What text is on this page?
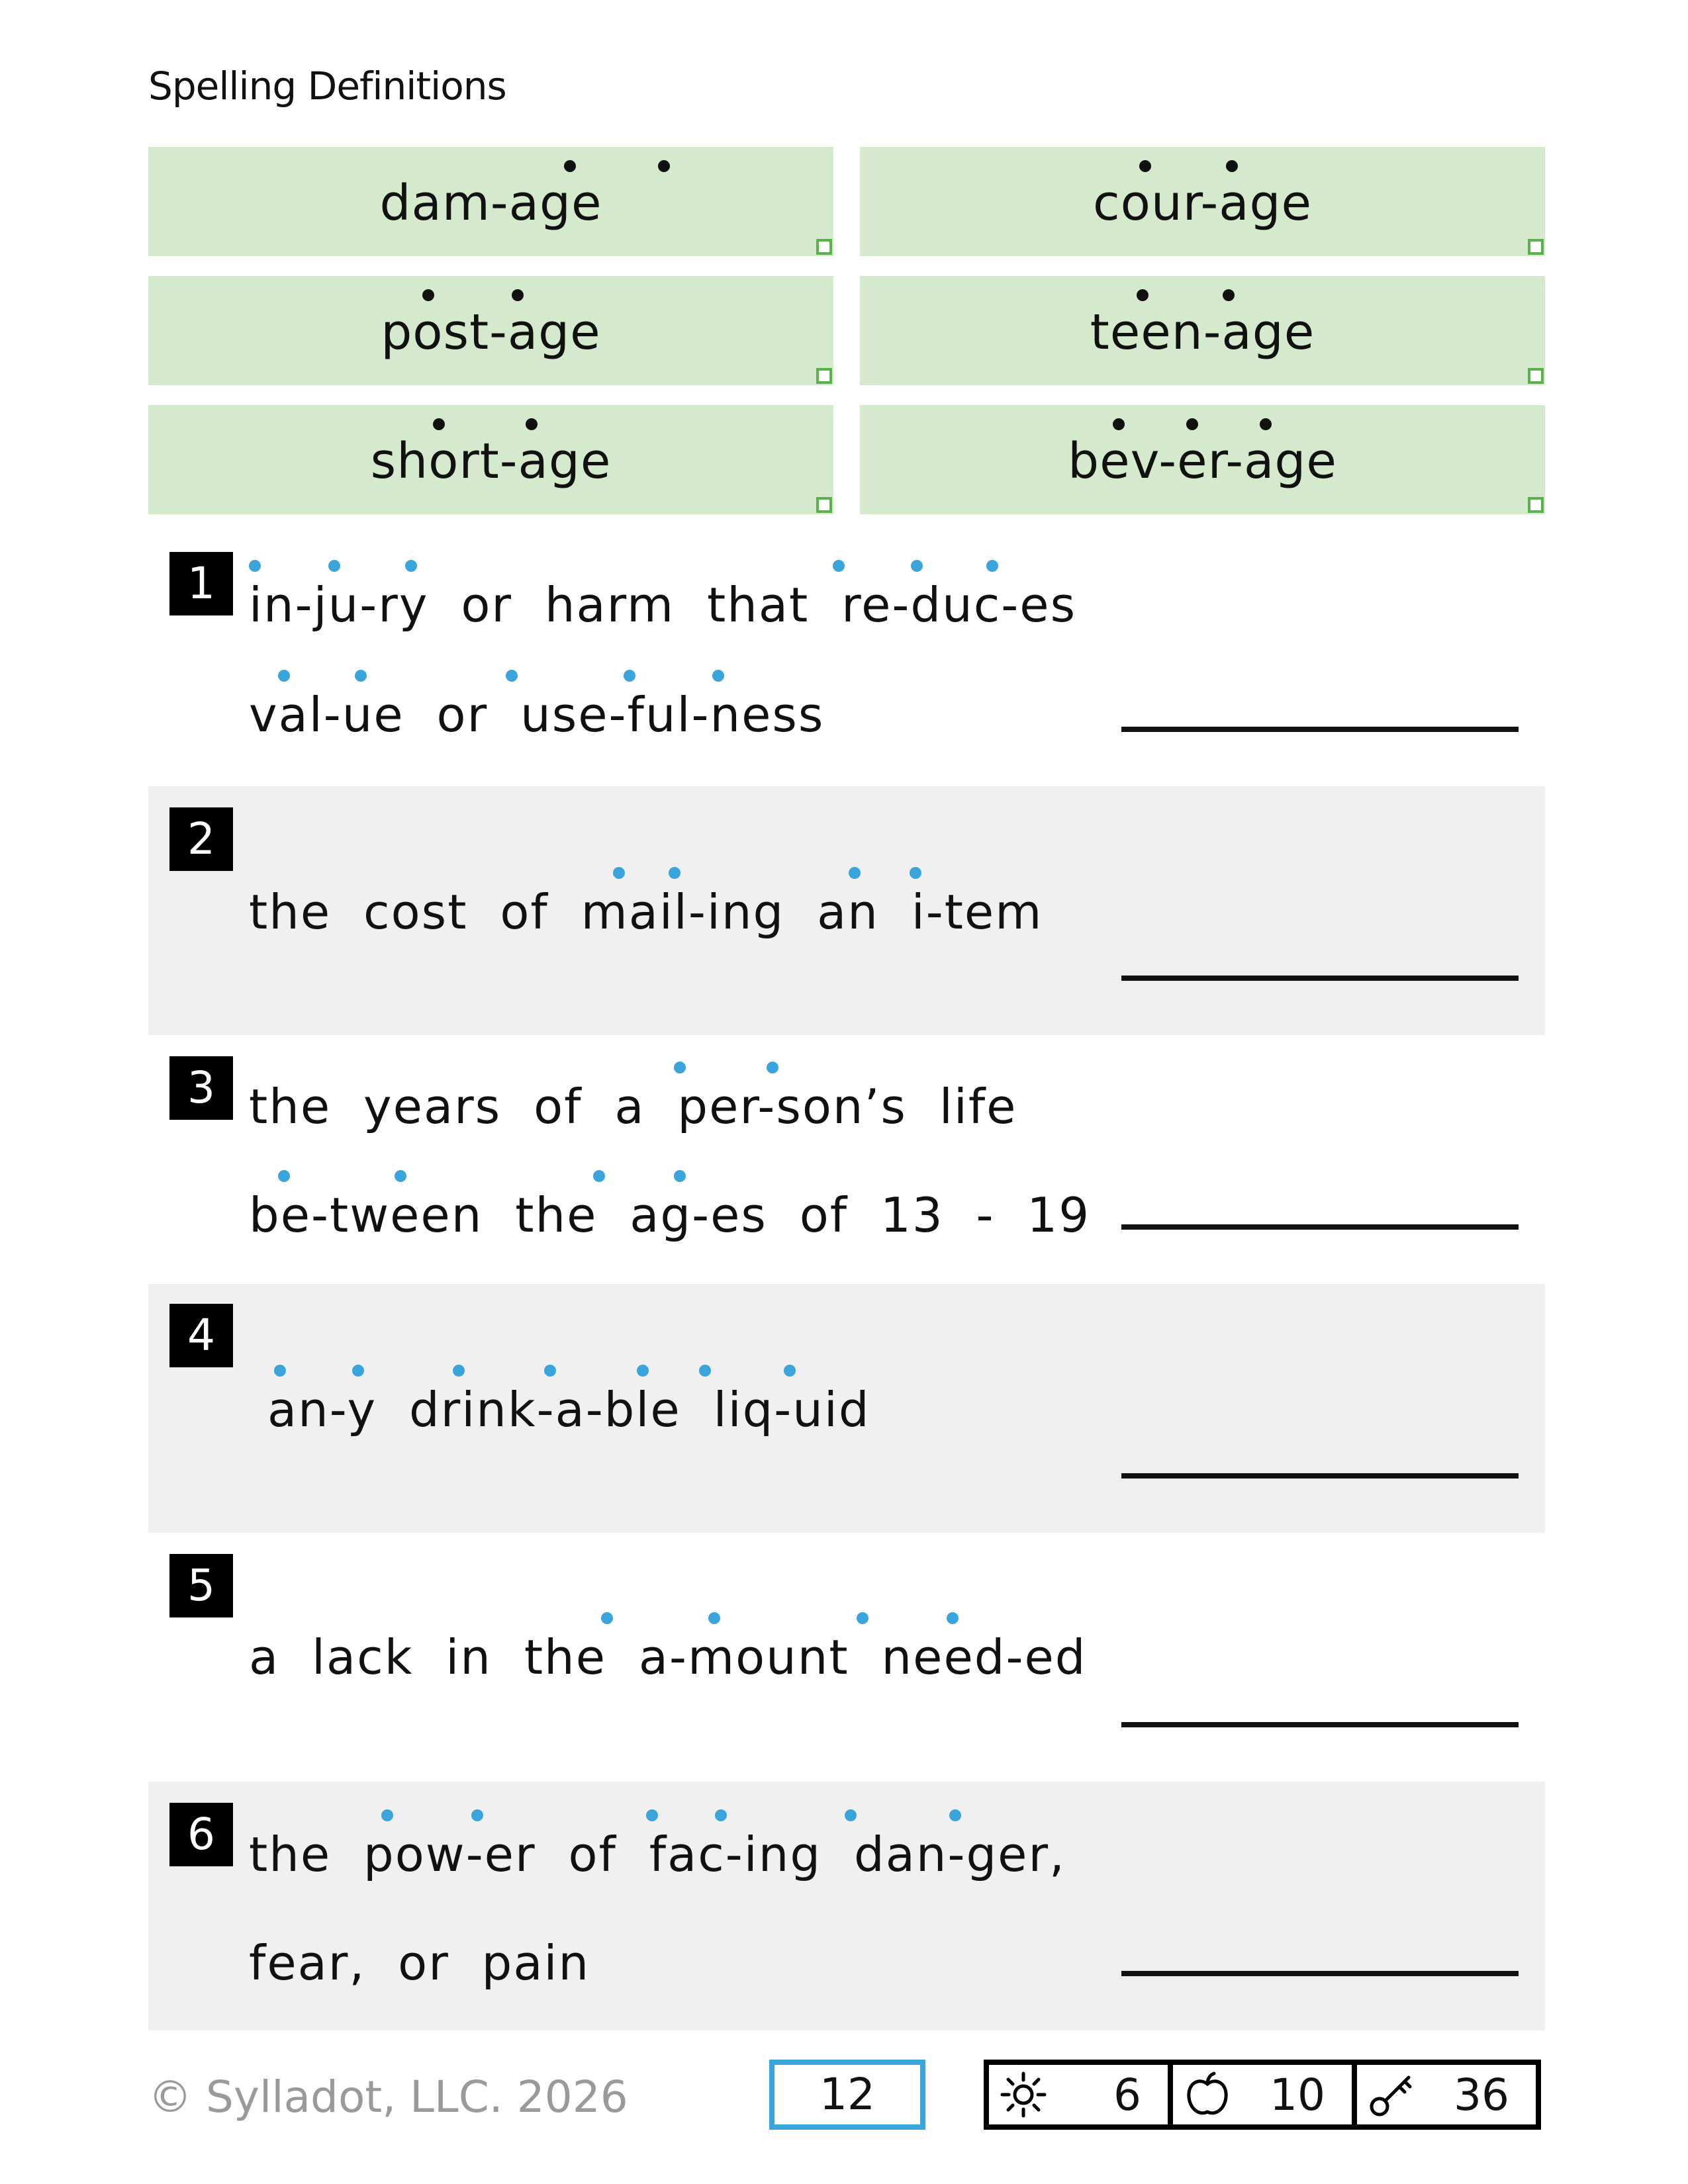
Spelling Definitions
dam-age	cour-age
post-age	teen-age
short-age	bev-er-age
1 in-ju-ry or harm that re-duc-es
val-ue or use-ful-ness
2
the cost of mail-ing an i-tem
3 the years of a per-son’s life
be-tween the ag-es of 13 - 19
4
an-y drink-a-ble liq-uid
5
a lack in the a-mount need-ed
6 the pow-er of fac-ing dan-ger,
fear, or pain
© Sylladot, LLC. 2026	12	6	10	36
